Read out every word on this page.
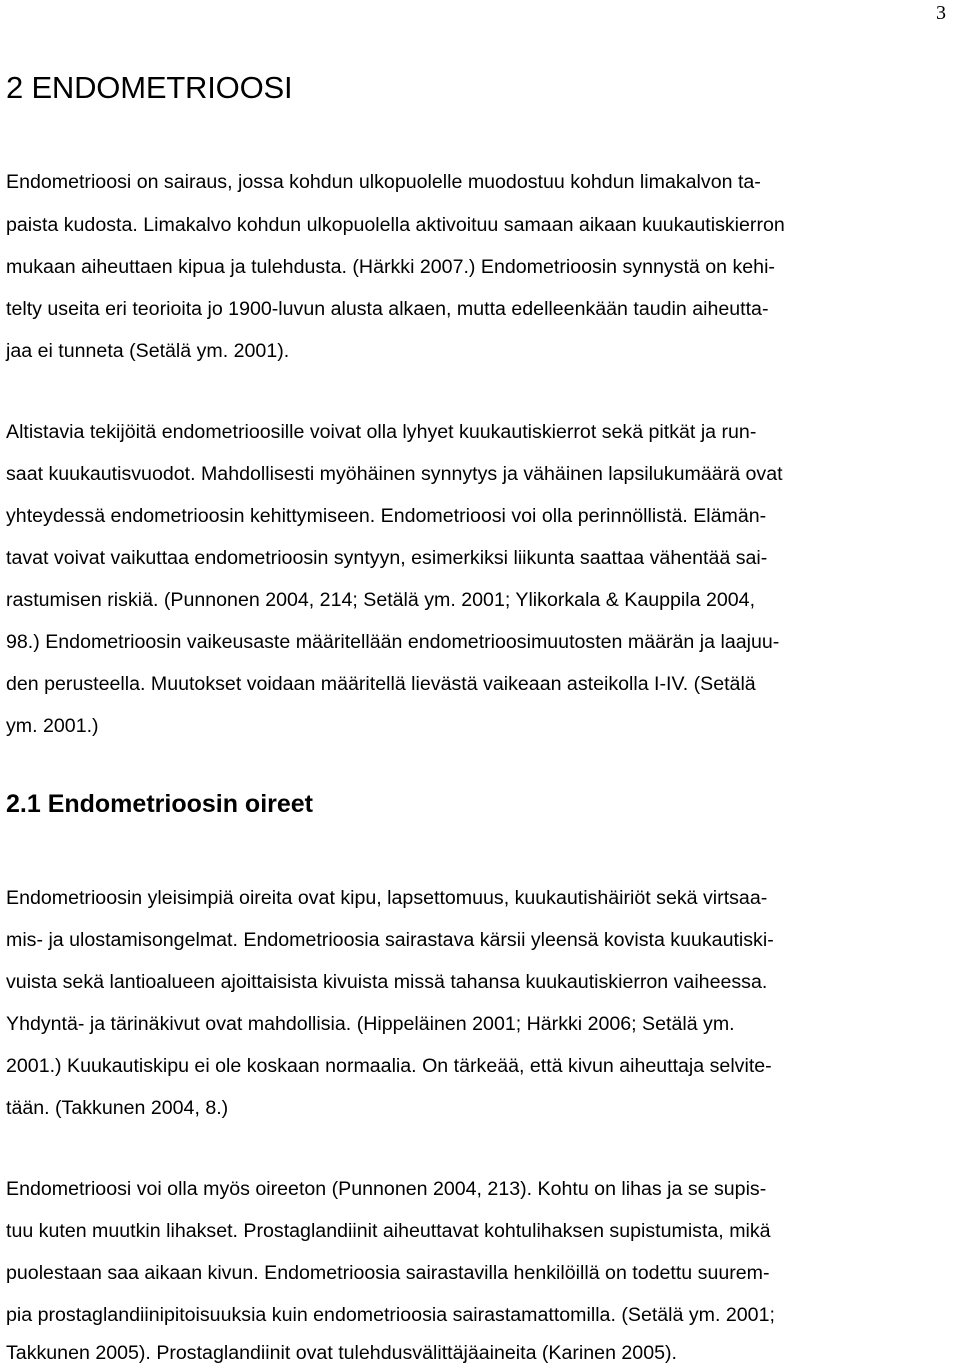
3
2 ENDOMETRIOOSI
Endometrioosi on sairaus, jossa kohdun ulkopuolelle muodostuu kohdun limakalvon ta-
paista kudosta. Limakalvo kohdun ulkopuolella aktivoituu samaan aikaan kuukautiskierron
mukaan aiheuttaen kipua ja tulehdusta. (Härkki 2007.) Endometrioosin synnystä on kehi-
telty useita eri teorioita jo 1900-luvun alusta alkaen, mutta edelleenkään taudin aiheutta-
jaa ei tunneta (Setälä ym. 2001).
Altistavia tekijöitä endometrioosille voivat olla lyhyet kuukautiskierrot sekä pitkät ja run-
saat kuukautisvuodot. Mahdollisesti myöhäinen synnytys ja vähäinen lapsilukumäärä ovat
yhteydessä endometrioosin kehittymiseen. Endometrioosi voi olla perinnöllistä. Elämän-
tavat voivat vaikuttaa endometrioosin syntyyn, esimerkiksi liikunta saattaa vähentää sai-
rastumisen riskiä. (Punnonen 2004, 214; Setälä ym. 2001; Ylikorkala & Kauppila 2004,
98.) Endometrioosin vaikeusaste määritellään endometrioosimuutosten määrän ja laajuu-
den perusteella. Muutokset voidaan määritellä lievästä vaikeaan asteikolla I-IV. (Setälä
ym. 2001.)
2.1 Endometrioosin oireet
Endometrioosin yleisimpiä oireita ovat kipu, lapsettomuus, kuukautishäiriöt sekä virtsaa-
mis- ja ulostamisongelmat. Endometrioosia sairastava kärsii yleensä kovista kuukautiski-
vuista sekä lantioalueen ajoittaisista kivuista missä tahansa kuukautiskierron vaiheessa.
Yhdyntä- ja tärinäkivut ovat mahdollisia. (Hippeläinen 2001; Härkki 2006; Setälä ym.
2001.) Kuukautiskipu ei ole koskaan normaalia. On tärkeää, että kivun aiheuttaja selvite-
tään. (Takkunen 2004, 8.)
Endometrioosi voi olla myös oireeton (Punnonen 2004, 213). Kohtu on lihas ja se supis-
tuu kuten muutkin lihakset. Prostaglandiinit aiheuttavat kohtulihaksen supistumista, mikä
puolestaan saa aikaan kivun. Endometrioosia sairastavilla henkilöillä on todettu suurem-
pia prostaglandiinipitoisuuksia kuin endometrioosia sairastamattomilla. (Setälä ym. 2001;
Takkunen 2005). Prostaglandiinit ovat tulehdusvälittäjäaineita (Karinen 2005).
